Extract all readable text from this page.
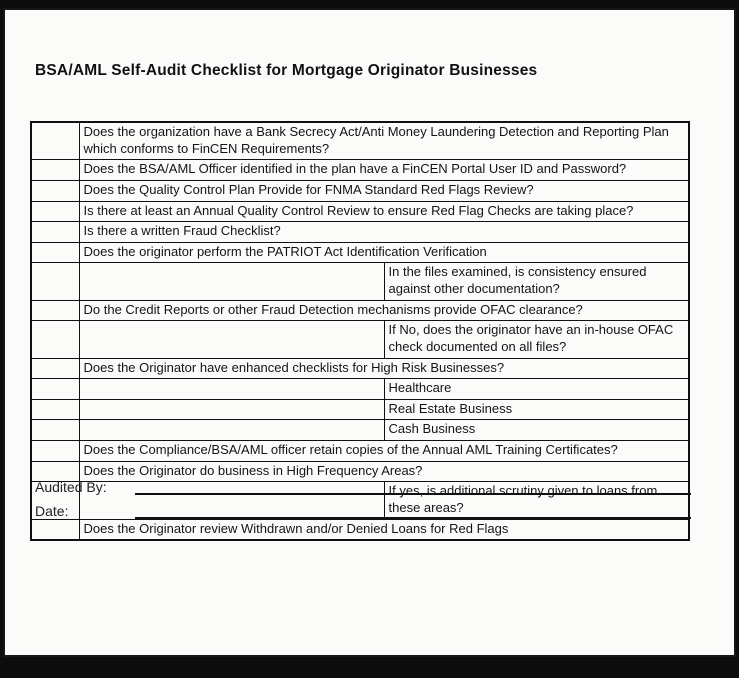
BSA/AML Self-Audit Checklist for Mortgage Originator Businesses
	Does the organization have a Bank Secrecy Act/Anti Money Laundering Detection and Reporting Plan which conforms to FinCEN Requirements?	
	Does the BSA/AML Officer identified in the plan have a FinCEN Portal User ID and Password?	
	Does the Quality Control Plan Provide for FNMA Standard Red Flags Review?	
	Is there at least an Annual Quality Control Review to ensure Red Flag Checks are taking place?	
	Is there a written Fraud Checklist?	
	Does the originator perform the PATRIOT Act Identification Verification	
		In the files examined, is consistency ensured against other documentation?
	Do the Credit Reports or other Fraud Detection mechanisms provide OFAC clearance?	
		If No, does the originator have an in-house OFAC check documented on all files?
	Does the Originator have enhanced checklists for High Risk Businesses?	
		Healthcare
		Real Estate Business
		Cash Business
	Does the Compliance/BSA/AML officer retain copies of the Annual AML Training Certificates?	
	Does the Originator do business in High Frequency Areas?	
		If yes, is additional scrutiny given to loans from these areas?
	Does the Originator review Withdrawn and/or Denied Loans for Red Flags	
Audited By:
Date:
